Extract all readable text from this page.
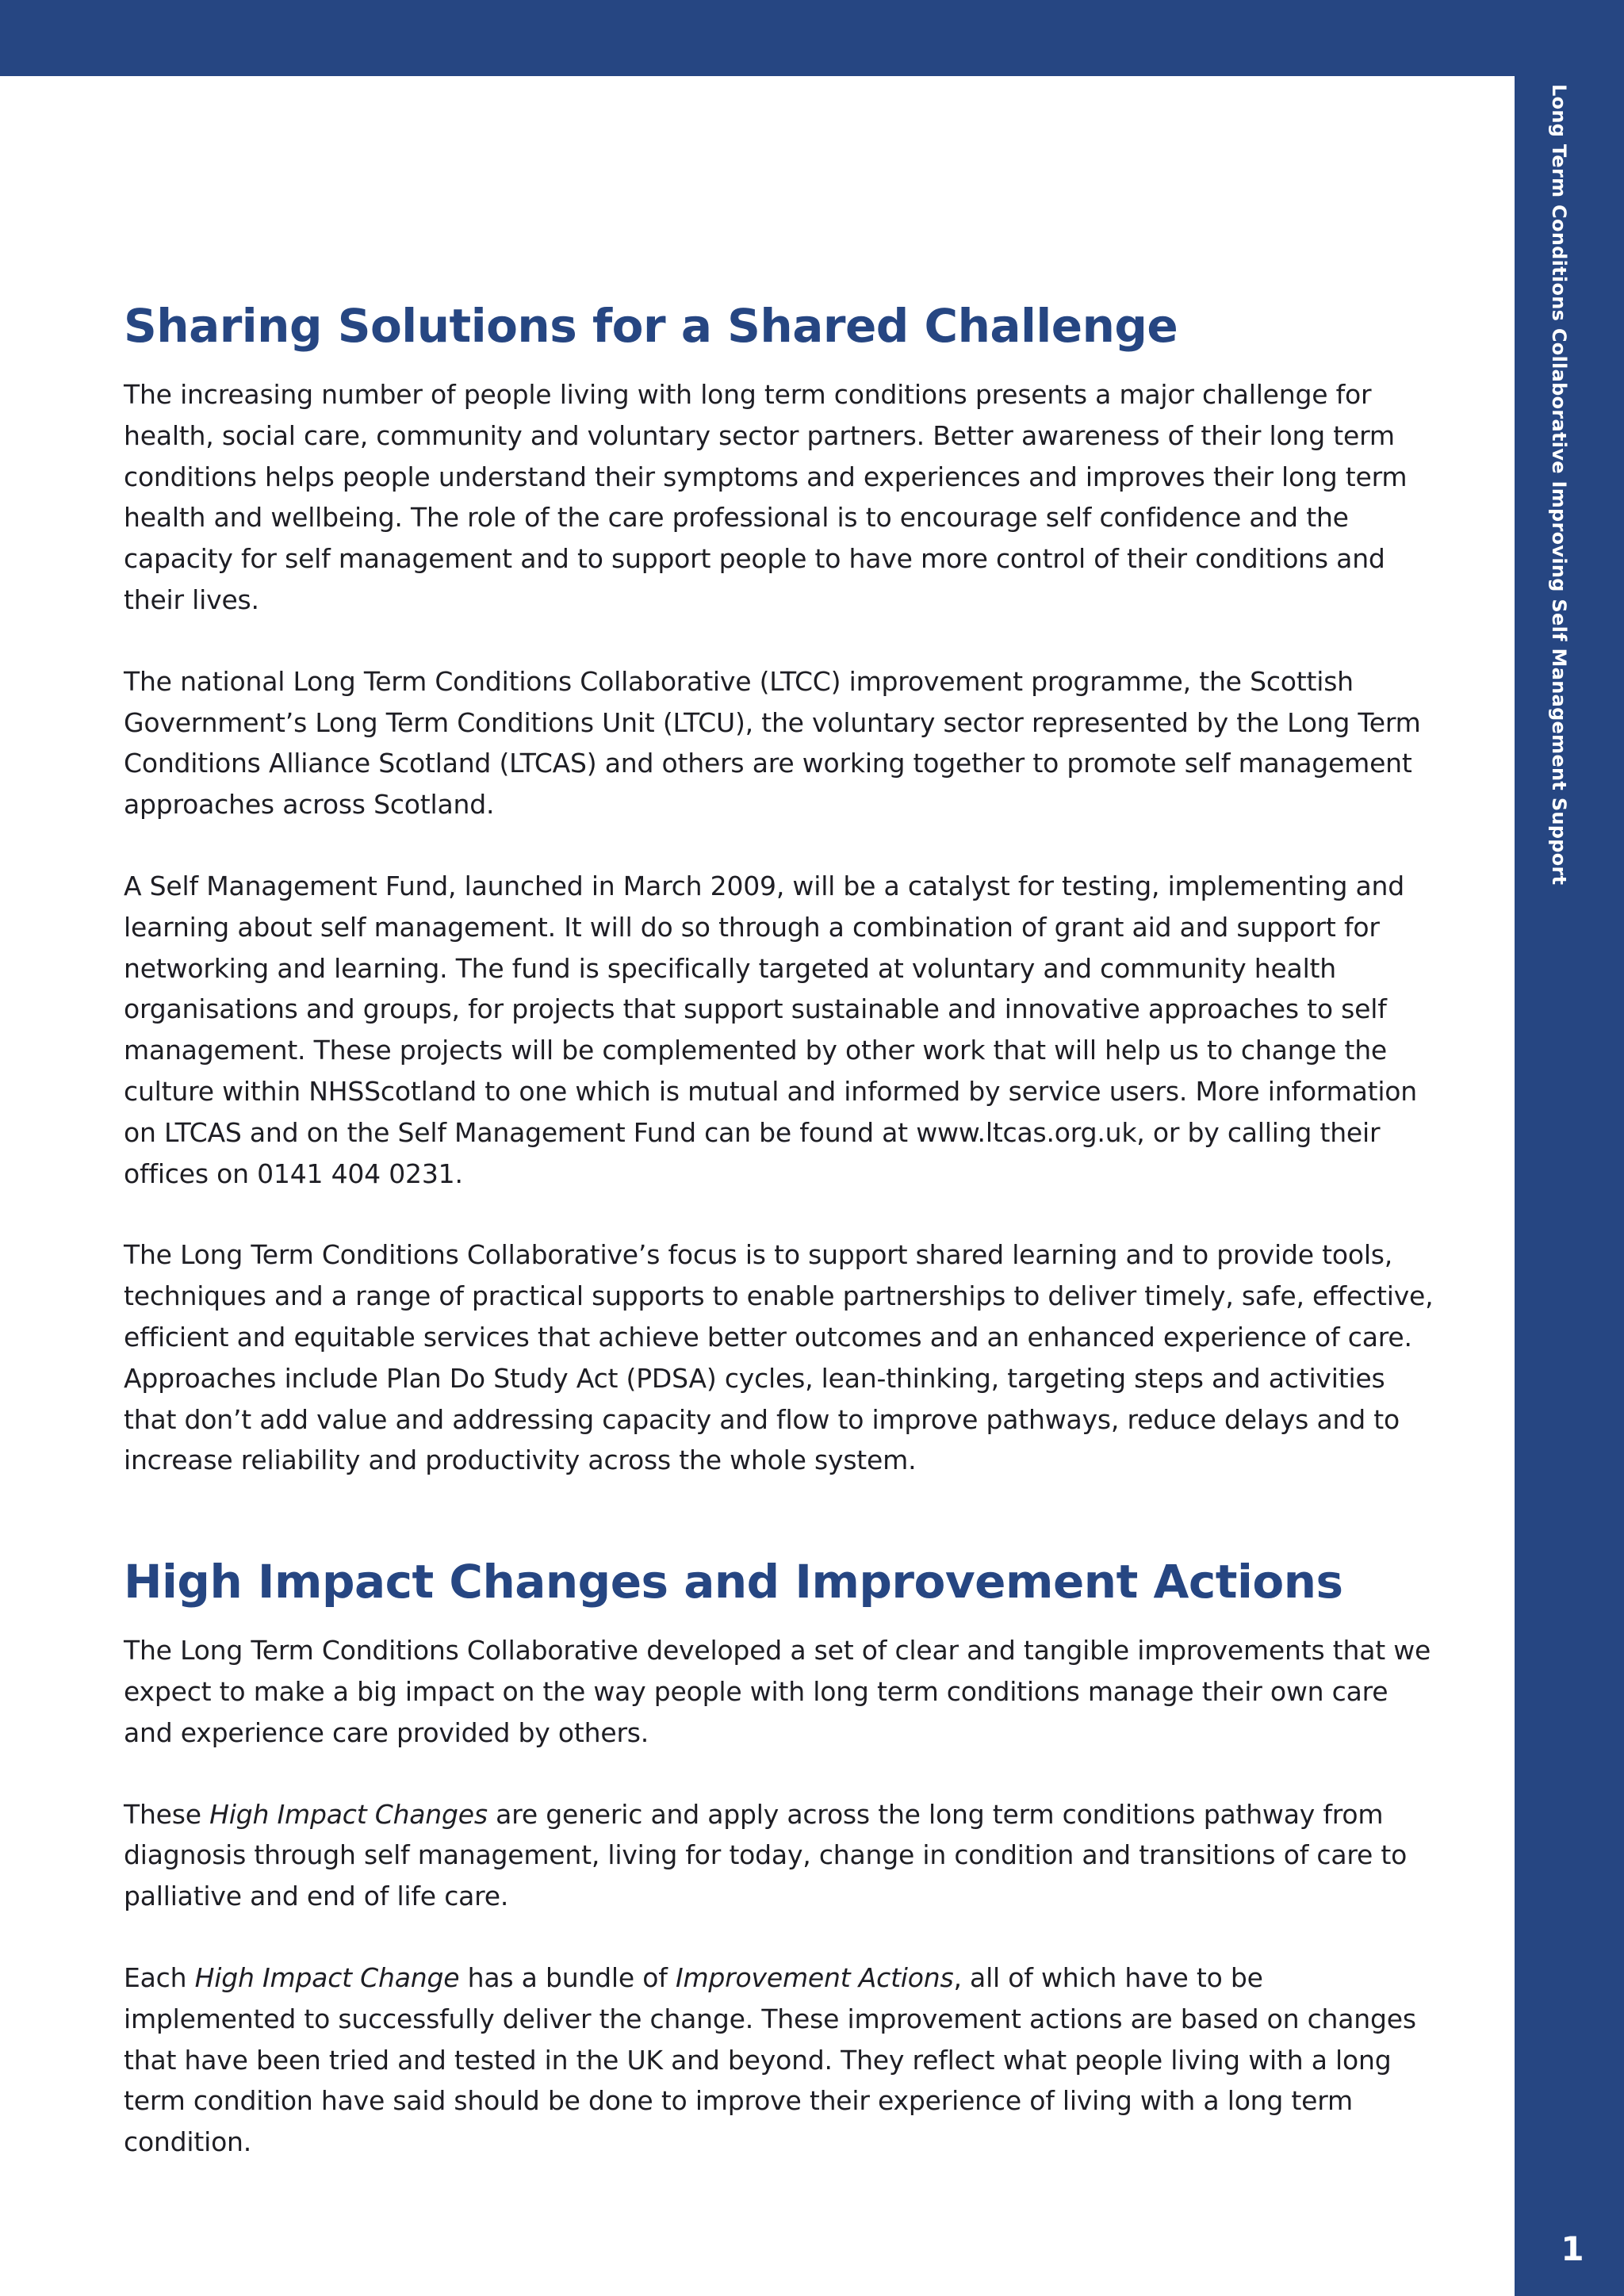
Long Term Conditions Collaborative Improving Self Management Support
1
Sharing Solutions for a Shared Challenge

The increasing number of people living with long term conditions presents a major challenge for health, social care, community and voluntary sector partners. Better awareness of their long term conditions helps people understand their symptoms and experiences and improves their long term health and wellbeing. The role of the care professional is to encourage self confidence and the capacity for self management and to support people to have more control of their conditions and their lives.

The national Long Term Conditions Collaborative (LTCC) improvement programme, the Scottish Government’s Long Term Conditions Unit (LTCU), the voluntary sector represented by the Long Term Conditions Alliance Scotland (LTCAS) and others are working together to promote self management approaches across Scotland.

A Self Management Fund, launched in March 2009, will be a catalyst for testing, implementing and learning about self management. It will do so through a combination of grant aid and support for networking and learning. The fund is specifically targeted at voluntary and community health organisations and groups, for projects that support sustainable and innovative approaches to self management. These projects will be complemented by other work that will help us to change the culture within NHSScotland to one which is mutual and informed by service users. More information on LTCAS and on the Self Management Fund can be found at www.ltcas.org.uk, or by calling their offices on 0141 404 0231.

The Long Term Conditions Collaborative’s focus is to support shared learning and to provide tools, techniques and a range of practical supports to enable partnerships to deliver timely, safe, effective, efficient and equitable services that achieve better outcomes and an enhanced experience of care. Approaches include Plan Do Study Act (PDSA) cycles, lean-thinking, targeting steps and activities that don’t add value and addressing capacity and flow to improve pathways, reduce delays and to increase reliability and productivity across the whole system.

High Impact Changes and Improvement Actions

The Long Term Conditions Collaborative developed a set of clear and tangible improvements that we expect to make a big impact on the way people with long term conditions manage their own care and experience care provided by others.

These High Impact Changes are generic and apply across the long term conditions pathway from diagnosis through self management, living for today, change in condition and transitions of care to palliative and end of life care.

Each High Impact Change has a bundle of Improvement Actions, all of which have to be implemented to successfully deliver the change. These improvement actions are based on changes that have been tried and tested in the UK and beyond. They reflect what people living with a long term condition have said should be done to improve their experience of living with a long term condition.
